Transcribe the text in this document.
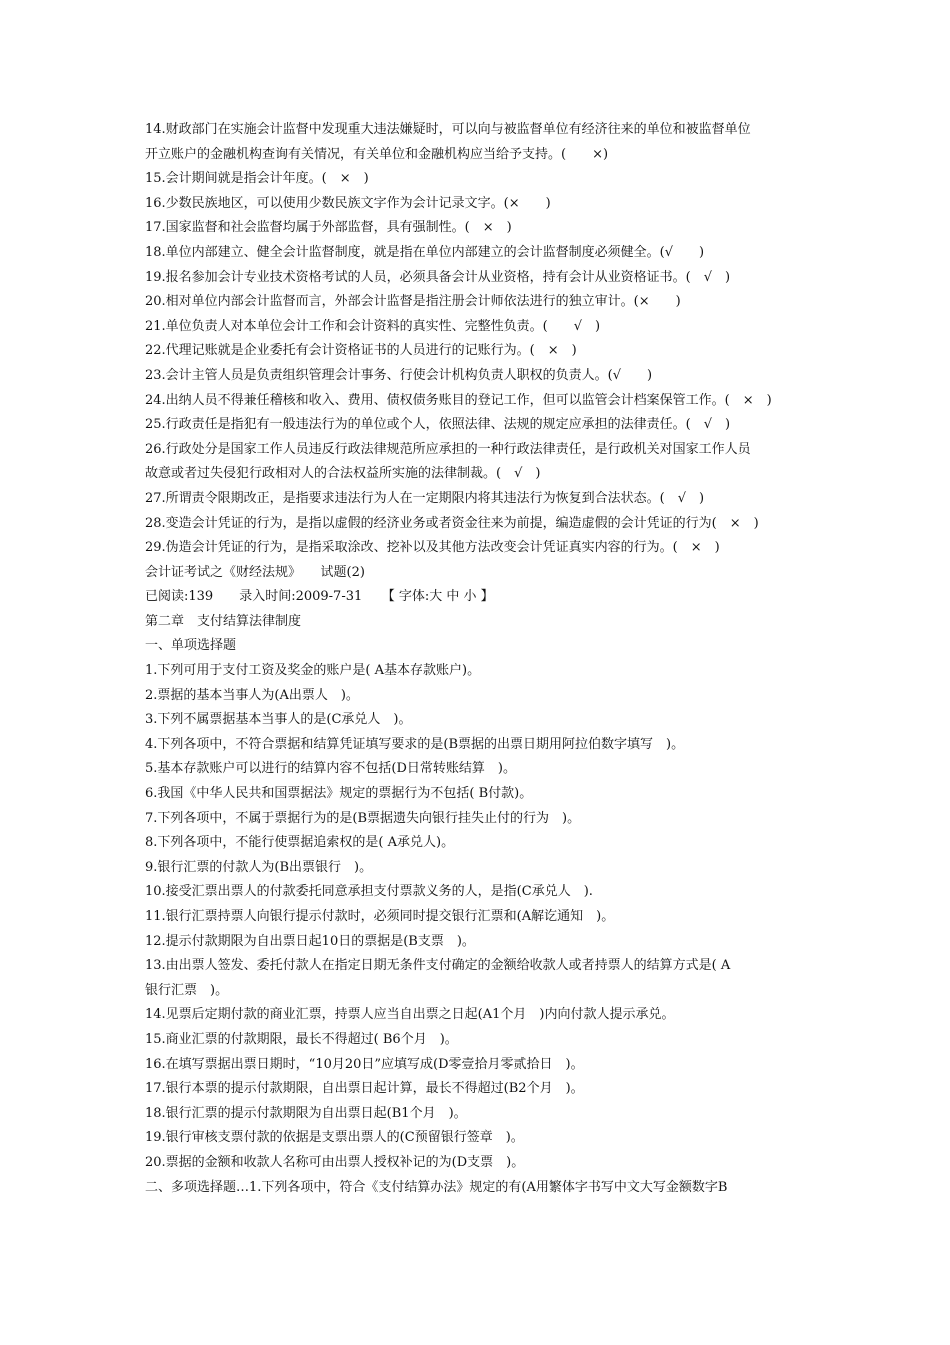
14.财政部门在实施会计监督中发现重大违法嫌疑时，可以向与被监督单位有经济往来的单位和被监督单位
开立账户的金融机构查询有关情况，有关单位和金融机构应当给予支持。(　　×)
15.会计期间就是指会计年度。(　×　)
16.少数民族地区，可以使用少数民族文字作为会计记录文字。(×　　)
17.国家监督和社会监督均属于外部监督，具有强制性。(　×　)
18.单位内部建立、健全会计监督制度，就是指在单位内部建立的会计监督制度必须健全。(√　　)
19.报名参加会计专业技术资格考试的人员，必须具备会计从业资格，持有会计从业资格证书。(　√　)
20.相对单位内部会计监督而言，外部会计监督是指注册会计师依法进行的独立审计。(×　　)
21.单位负责人对本单位会计工作和会计资料的真实性、完整性负责。(　　√　)
22.代理记账就是企业委托有会计资格证书的人员进行的记账行为。(　×　)
23.会计主管人员是负责组织管理会计事务、行使会计机构负责人职权的负责人。(√　　)
24.出纳人员不得兼任稽核和收入、费用、债权债务账目的登记工作，但可以监管会计档案保管工作。(　×　)
25.行政责任是指犯有一般违法行为的单位或个人，依照法律、法规的规定应承担的法律责任。(　√　)
26.行政处分是国家工作人员违反行政法律规范所应承担的一种行政法律责任，是行政机关对国家工作人员
故意或者过失侵犯行政相对人的合法权益所实施的法律制裁。(　√　)
27.所谓责令限期改正，是指要求违法行为人在一定期限内将其违法行为恢复到合法状态。(　√　)
28.变造会计凭证的行为，是指以虚假的经济业务或者资金往来为前提，编造虚假的会计凭证的行为(　×　)
29.伪造会计凭证的行为，是指采取涂改、挖补以及其他方法改变会计凭证真实内容的行为。(　×　)
会计证考试之《财经法规》　　试题(2)
已阅读:139　　录入时间:2009-7-31　　【 字体:大 中 小 】
第二章　支付结算法律制度
一、单项选择题
1.下列可用于支付工资及奖金的账户是( A基本存款账户)。
2.票据的基本当事人为(A出票人　)。
3.下列不属票据基本当事人的是(C承兑人　)。
4.下列各项中，不符合票据和结算凭证填写要求的是(B票据的出票日期用阿拉伯数字填写　)。
5.基本存款账户可以进行的结算内容不包括(D日常转账结算　)。
6.我国《中华人民共和国票据法》规定的票据行为不包括( B付款)。
7.下列各项中，不属于票据行为的是(B票据遗失向银行挂失止付的行为　)。
8.下列各项中，不能行使票据追索权的是( A承兑人)。
9.银行汇票的付款人为(B出票银行　)。
10.接受汇票出票人的付款委托同意承担支付票款义务的人，是指(C承兑人　).
11.银行汇票持票人向银行提示付款时，必须同时提交银行汇票和(A解讫通知　)。
12.提示付款期限为自出票日起10日的票据是(B支票　)。
13.由出票人签发、委托付款人在指定日期无条件支付确定的金额给收款人或者持票人的结算方式是( A
银行汇票　)。
14.见票后定期付款的商业汇票，持票人应当自出票之日起(A1个月　)内向付款人提示承兑。
15.商业汇票的付款期限，最长不得超过( B6个月　)。
16.在填写票据出票日期时，“10月20日”应填写成(D零壹拾月零贰拾日　)。
17.银行本票的提示付款期限，自出票日起计算，最长不得超过(B2个月　)。
18.银行汇票的提示付款期限为自出票日起(B1个月　)。
19.银行审核支票付款的依据是支票出票人的(C预留银行签章　)。
20.票据的金额和收款人名称可由出票人授权补记的为(D支票　)。
二、多项选择题…1.下列各项中，符合《支付结算办法》规定的有(A用繁体字书写中文大写金额数字B
